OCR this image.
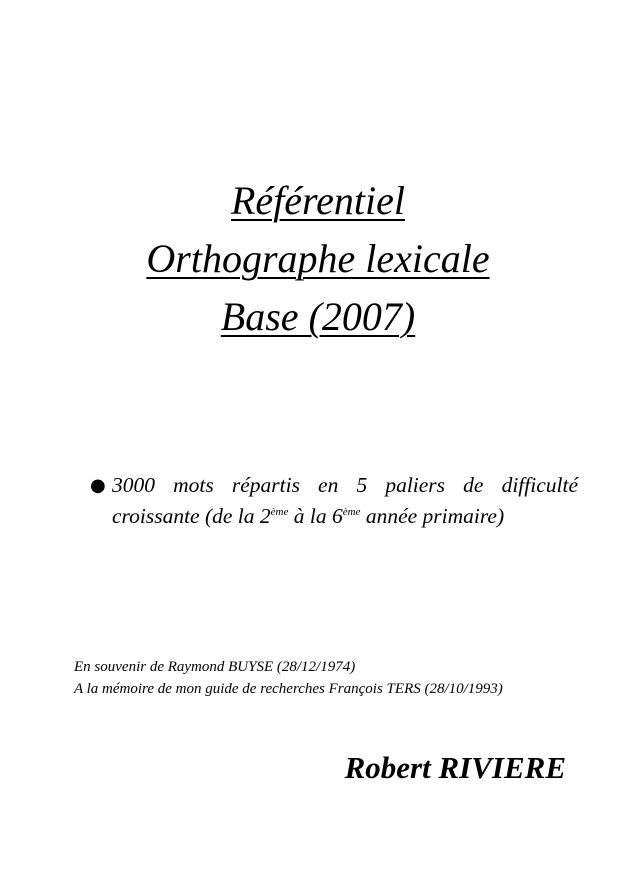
Référentiel
Orthographe lexicale
Base (2007)
● 3000 mots répartis en 5 paliers de difficulté
croissante (de la 2ème à la 6ème année primaire)
En souvenir de Raymond BUYSE (28/12/1974)
A la mémoire de mon guide de recherches François TERS (28/10/1993)
Robert RIVIERE
